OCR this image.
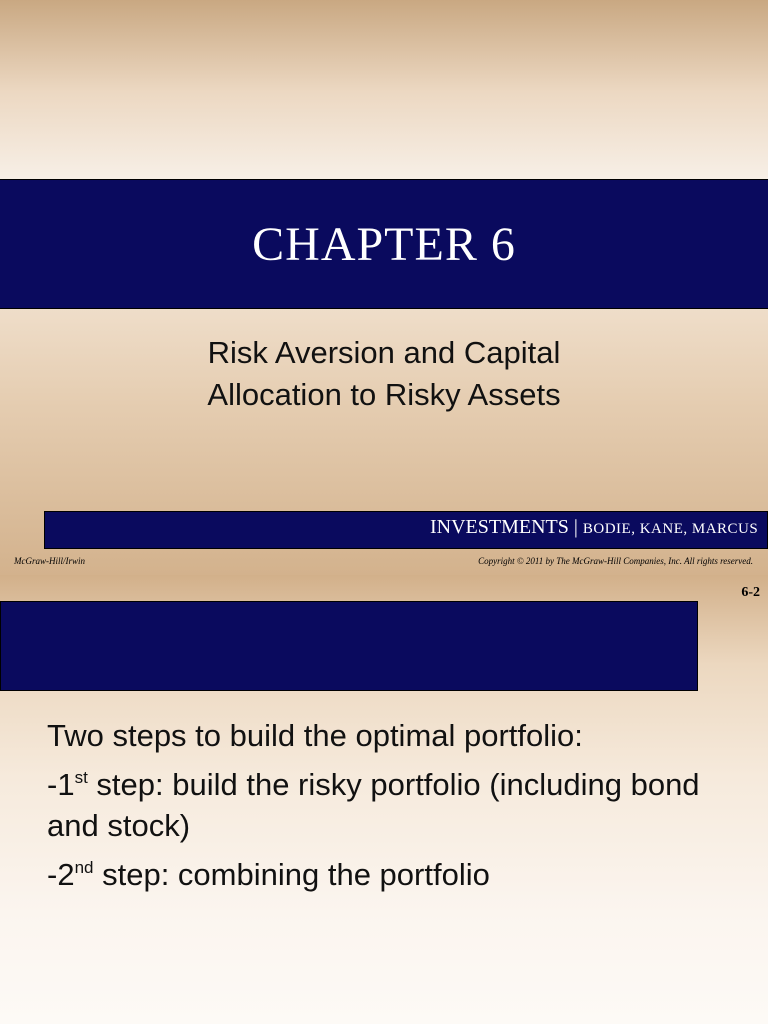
CHAPTER 6
Risk Aversion and Capital
Allocation to Risky Assets
INVESTMENTS | BODIE, KANE, MARCUS
McGraw-Hill/Irwin	Copyright © 2011 by The McGraw-Hill Companies, Inc. All rights reserved.
6-2

Two steps to build the optimal portfolio:

-1st step: build the risky portfolio (including bond and stock)

-2nd step: combining the portfolio
